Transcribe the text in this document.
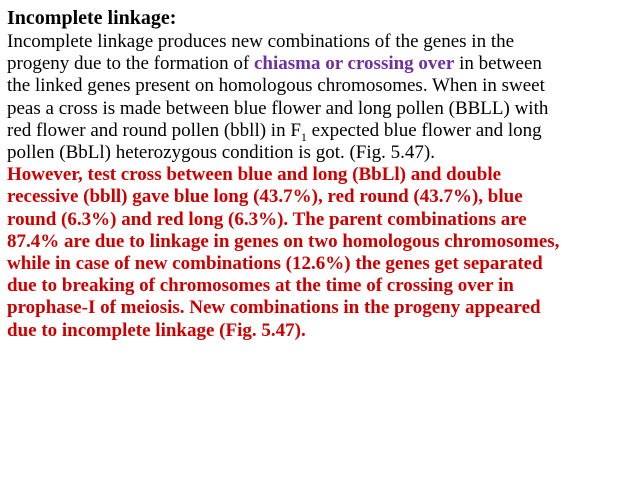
Incomplete linkage:
Incomplete linkage produces new combinations of the genes in the
progeny due to the formation of chiasma or crossing over in between
the linked genes present on homologous chromosomes. When in sweet
peas a cross is made between blue flower and long pollen (BBLL) with
red flower and round pollen (bbll) in $F_1$ expected blue flower and long
pollen (BbLl) heterozygous condition is got. (Fig. 5.47).
However, test cross between blue and long (BbLl) and double
recessive (bbll) gave blue long (43.7%), red round (43.7%), blue
round (6.3%) and red long (6.3%). The parent combinations are
87.4% are due to linkage in genes on two homologous chromosomes,
while in case of new combinations (12.6%) the genes get separated
due to breaking of chromosomes at the time of crossing over in
prophase-I of meiosis. New combinations in the progeny appeared
due to incomplete linkage (Fig. 5.47).
